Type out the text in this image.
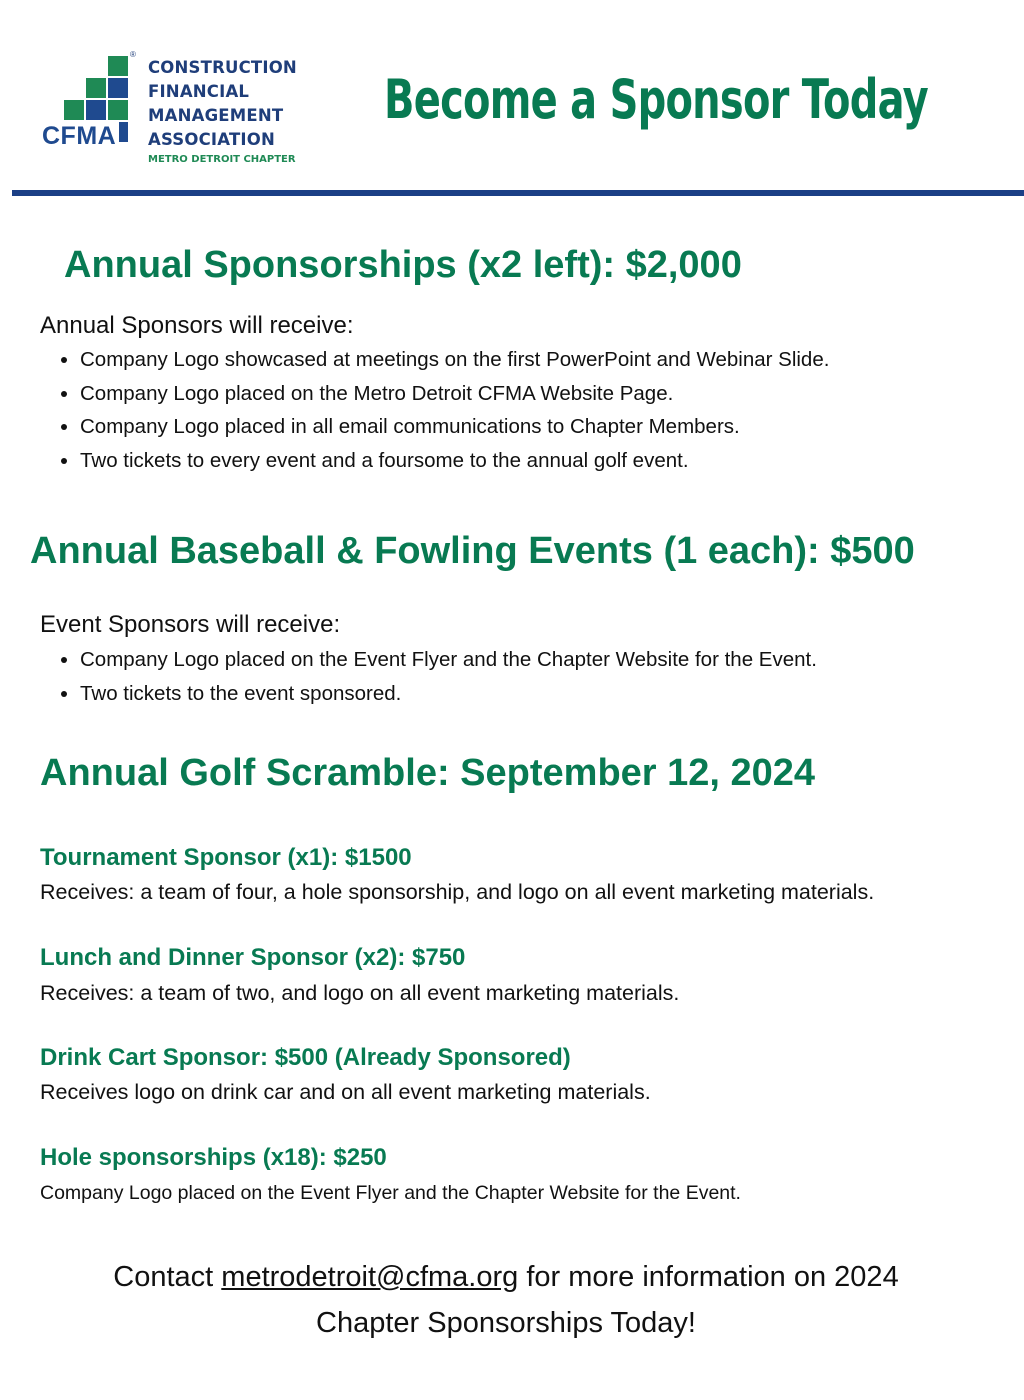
®
CFMA
CONSTRUCTION
FINANCIAL
MANAGEMENT
ASSOCIATION
METRO DETROIT CHAPTER
Become a Sponsor Today
Annual Sponsorships (x2 left): $2,000

Annual Sponsors will receive:

• Company Logo showcased at meetings on the first PowerPoint and Webinar Slide.
• Company Logo placed on the Metro Detroit CFMA Website Page.
• Company Logo placed in all email communications to Chapter Members.
• Two tickets to every event and a foursome to the annual golf event.
Annual Baseball & Fowling Events (1 each): $500

Event Sponsors will receive:

• Company Logo placed on the Event Flyer and the Chapter Website for the Event.
• Two tickets to the event sponsored.
Annual Golf Scramble: September 12, 2024
Tournament Sponsor (x1): $1500

Receives: a team of four, a hole sponsorship, and logo on all event marketing materials.

Lunch and Dinner Sponsor (x2): $750

Receives: a team of two, and logo on all event marketing materials.

Drink Cart Sponsor: $500 (Already Sponsored)

Receives logo on drink car and on all event marketing materials.

Hole sponsorships (x18): $250

Company Logo placed on the Event Flyer and the Chapter Website for the Event.

Contact metrodetroit@cfma.org for more information on 2024
Chapter Sponsorships Today!
